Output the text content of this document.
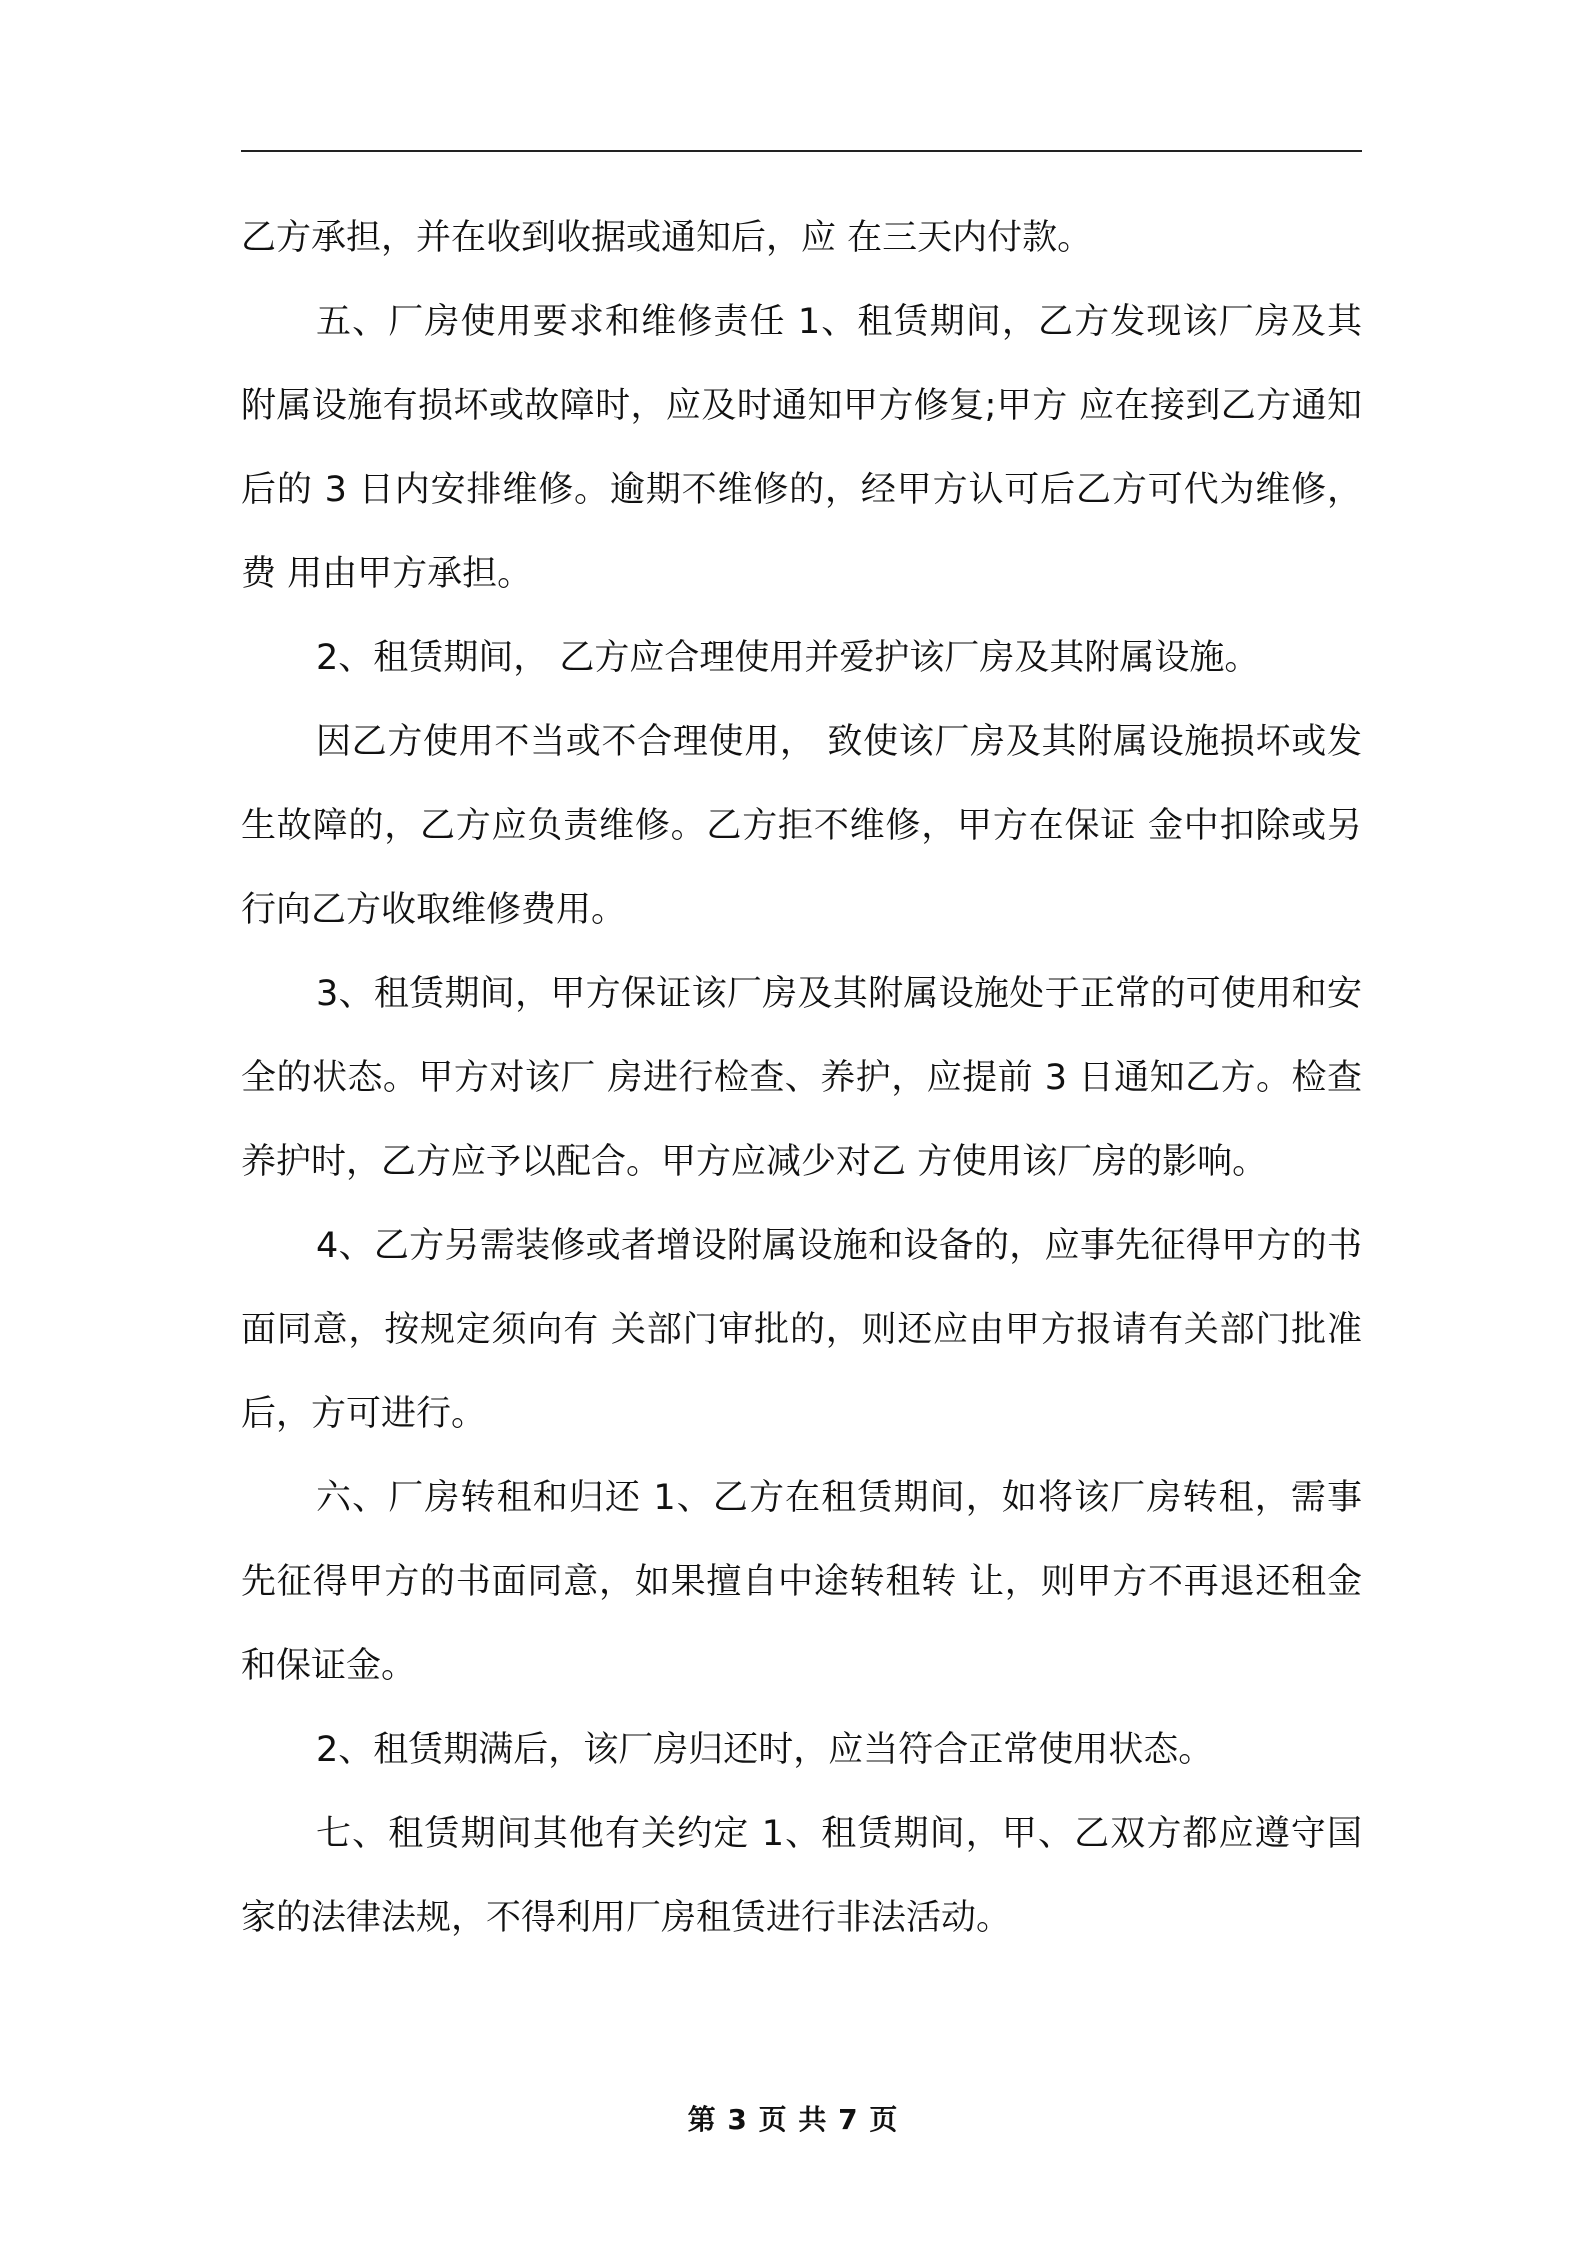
乙方承担，并在收到收据或通知后，应 在三天内付款。

五、厂房使用要求和维修责任 1、租赁期间，乙方发现该厂房及其附属设施有损坏或故障时，应及时通知甲方修复;甲方 应在接到乙方通知后的 3 日内安排维修。逾期不维修的，经甲方认可后乙方可代为维修，费 用由甲方承担。

2、租赁期间， 乙方应合理使用并爱护该厂房及其附属设施。

因乙方使用不当或不合理使用， 致使该厂房及其附属设施损坏或发生故障的，乙方应负责维修。乙方拒不维修，甲方在保证 金中扣除或另行向乙方收取维修费用。

3、租赁期间，甲方保证该厂房及其附属设施处于正常的可使用和安全的状态。甲方对该厂 房进行检查、养护，应提前 3 日通知乙方。检查养护时，乙方应予以配合。甲方应减少对乙 方使用该厂房的影响。

4、乙方另需装修或者增设附属设施和设备的，应事先征得甲方的书面同意，按规定须向有 关部门审批的，则还应由甲方报请有关部门批准后，方可进行。

六、厂房转租和归还 1、乙方在租赁期间，如将该厂房转租，需事先征得甲方的书面同意，如果擅自中途转租转 让，则甲方不再退还租金和保证金。

2、租赁期满后，该厂房归还时，应当符合正常使用状态。

七、租赁期间其他有关约定 1、租赁期间，甲、乙双方都应遵守国家的法律法规，不得利用厂房租赁进行非法活动。

第 3 页 共 7 页
